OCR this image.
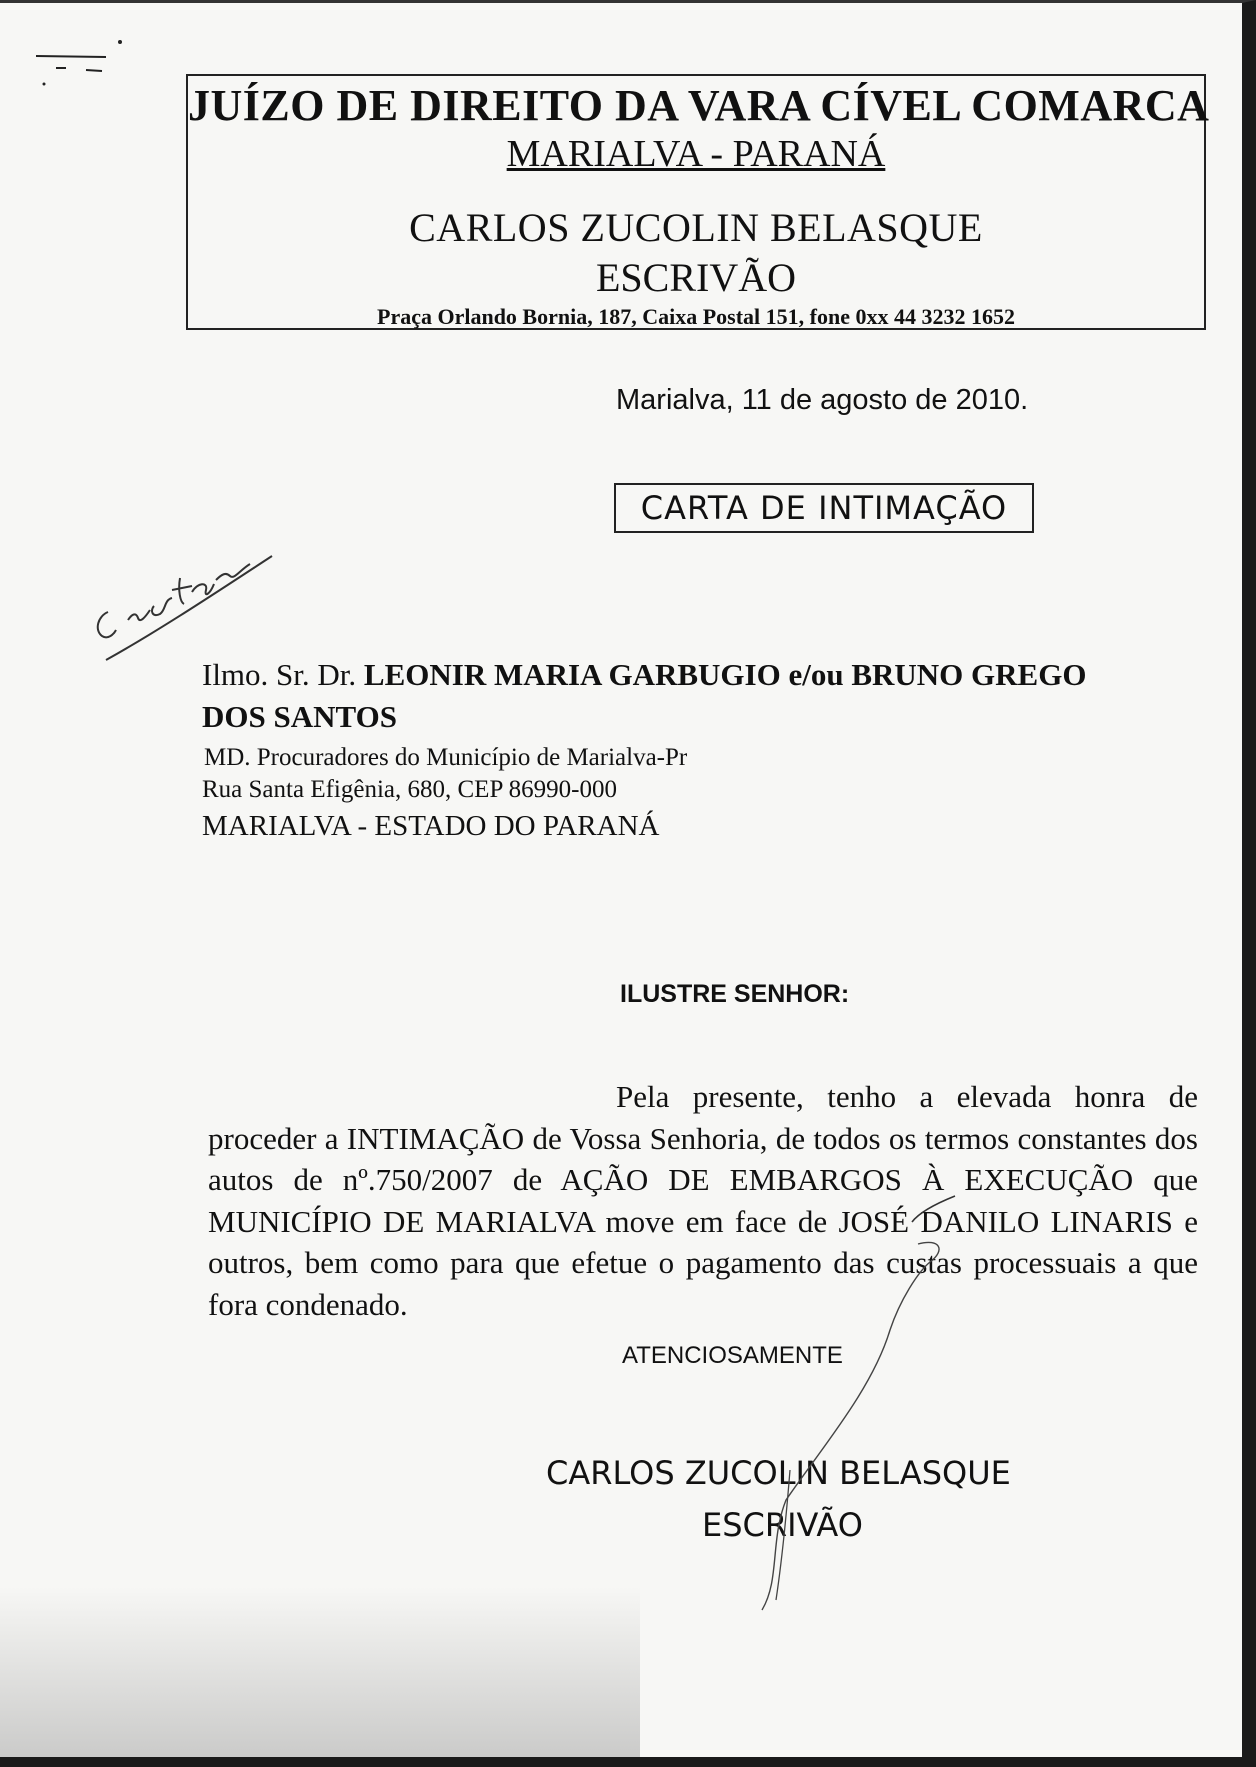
JUÍZO DE DIREITO DA VARA CÍVEL COMARCA
MARIALVA - PARANÁ
CARLOS ZUCOLIN BELASQUE
ESCRIVÃO
Praça Orlando Bornia, 187, Caixa Postal 151, fone 0xx 44 3232 1652
Marialva, 11 de agosto de 2010.
CARTA DE INTIMAÇÃO
Ilmo. Sr. Dr. LEONIR MARIA GARBUGIO e/ou BRUNO GREGO
DOS SANTOS
MD. Procuradores do Município de Marialva-Pr
Rua Santa Efigênia, 680, CEP 86990-000
MARIALVA - ESTADO DO PARANÁ
ILUSTRE SENHOR:
Pela presente, tenho a elevada honra de proceder a INTIMAÇÃO de Vossa Senhoria, de todos os termos constantes dos autos de nº.750/2007 de AÇÃO DE EMBARGOS À EXECUÇÃO que MUNICÍPIO DE MARIALVA move em face de JOSÉ DANILO LINARIS e outros, bem como para que efetue o pagamento das custas processuais a que fora condenado.
ATENCIOSAMENTE
CARLOS ZUCOLIN BELASQUE
ESCRIVÃO
